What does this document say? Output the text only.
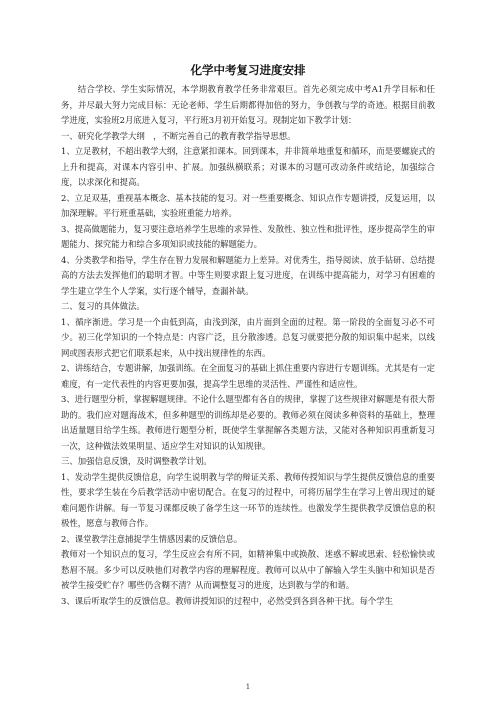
化学中考复习进度安排

结合学校、学生实际情况，本学期教育教学任务非常艰巨。首先必须完成中考A1升学目标和任务，并尽最大努力完成目标：无论老师、学生后期都得加倍的努力，争创教与学的奇迹。根据目前教学进度，实验班2月底进入复习，平行班3月初开始复习。现制定如下教学计划：

一、研究化学教学大纲　，不断完善自己的教育教学指导思想。

1、立足教材，不超出教学大纲，注意紧扣课本。回到课本，并非简单地重复和循环，而是要螺旋式的上升和提高，对课本内容引申、扩展。加强纵横联系；对课本的习题可改动条件或结论，加强综合度，以求深化和提高。

2、立足双基，重视基本概念、基本技能的复习。对一些重要概念、知识点作专题讲授，反复运用，以加深理解。平行班重基础，实验班重能力培养。

3、提高做题能力，复习要注意培养学生思维的求异性、发散性、独立性和批评性，逐步提高学生的审题能力、探究能力和综合多项知识或技能的解题能力。

4、分类教学和指导，学生存在智力发展和解题能力上差异。对优秀生，指导阅读、放手钻研、总结提高的方法去发挥他们的聪明才智。中等生则要求跟上复习进度，在训练中提高能力，对学习有困难的学生建立学生个人学案，实行逐个辅导，查漏补缺。

二、复习的具体做法。

1、循序渐进。学习是一个由低到高，由浅到深，由片面到全面的过程。第一阶段的全面复习必不可少。初三化学知识的一个特点是：内容广泛，且分散渗透。总复习就要把分散的知识集中起来，以线网或图表形式把它们联系起来，从中找出规律性的东西。

2、讲练结合，专题讲解，加强训练。在全面复习的基础上抓住重要内容进行专题训练。尤其是有一定难度，有一定代表性的内容更要加强，提高学生思维的灵活性、严谨性和适应性。

3、进行题型分析，掌握解题规律。不论什么题型都有各自的规律，掌握了这些规律对解题是有很大帮助的。我们应对题海战术，但多种题型的训练却是必要的。教师必须在阅读多种资料的基础上，整理出适量题目给学生练。教师进行题型分析，既使学生掌握解各类题方法，又能对各种知识再重新复习一次，这种做法效果明显、适应学生对知识的认知规律。

三、加强信息反馈，及时调整教学计划。

1、发动学生提供反馈信息，向学生说明教与学的辩证关系、教师传授知识与学生提供反馈信息的重要性，要求学生装在今后教学活动中密切配合。在复习的过程中，可将历届学生在学习上曾出现过的疑难问题作讲解。每一节复习课都反映了备学生这一环节的连续性。也激发学生提供教学反馈信息的积极性，愿意与教师合作。

2、课堂教学注意捕捉学生情感因素的反馈信息。

教师对一个知识点的复习，学生反应会有所不同，如精神集中或换散、迷惑不解或思索、轻松愉快或愁眉不展。多少可以反映他们对教学内容的理解程度。教师可以从中了解输入学生头脑中和知识是否被学生接受贮存？哪些仍含糊不清？从而调整复习的进度，达到教与学的和谐。

3、课后听取学生的反馈信息。教师讲授知识的过程中，必然受到各到各种干扰。每个学生

1
